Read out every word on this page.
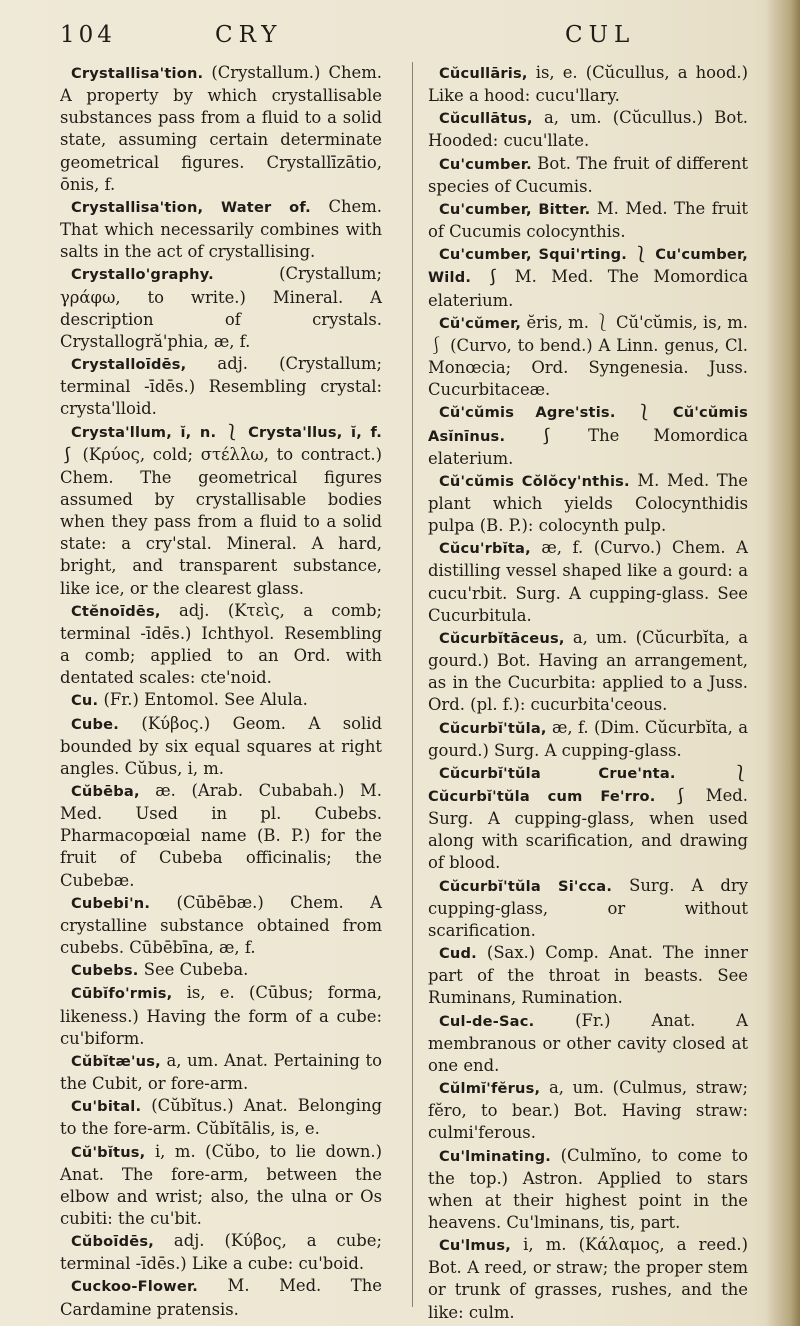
104	CRY	CUL

Crystallisa'tion. (Crystallum.) Chem. A property by which crystallisable substances pass from a fluid to a solid state, assuming certain determinate geometrical figures. Crystallīzātio, ōnis, f.

Crystallisa'tion, Water of. Chem. That which necessarily combines with salts in the act of crystallising.

Crystallo'graphy. (Crystallum; γράφω, to write.) Mineral. A description of crystals. Crystallogră'phia, æ, f.

Crystalloīdēs, adj. (Crystallum; terminal -īdēs.) Resembling crystal: crysta'lloid.

Crysta'llum, ĭ, n. ⎱ Crysta'llus, ĭ, f. ⎰ (Κρύος, cold; στέλλω, to contract.) Chem. The geometrical figures assumed by crystallisable bodies when they pass from a fluid to a solid state: a cry'stal. Mineral. A hard, bright, and transparent substance, like ice, or the clearest glass.

Ctĕnoīdēs, adj. (Κτεὶς, a comb; terminal -īdēs.) Ichthyol. Resembling a comb; applied to an Ord. with dentated scales: cte'noid.

Cu. (Fr.) Entomol. See Alula.

Cube. (Κύβος.) Geom. A solid bounded by six equal squares at right angles. Cŭbus, i, m.

Cŭbēba, æ. (Arab. Cubabah.) M. Med. Used in pl. Cubebs. Pharmacopœial name (B. P.) for the fruit of Cubeba officinalis; the Cubebæ.

Cubebi'n. (Cūbēbæ.) Chem. A crystalline substance obtained from cubebs. Cūbēbīna, æ, f.

Cubebs. See Cubeba.

Cūbĭfo'rmis, is, e. (Cūbus; forma, likeness.) Having the form of a cube: cu'biform.

Cŭbĭtæ'us, a, um. Anat. Pertaining to the Cubit, or fore-arm.

Cu'bital. (Cŭbĭtus.) Anat. Belonging to the fore-arm. Cŭbĭtālis, is, e.

Cŭ'bĭtus, i, m. (Cŭbo, to lie down.) Anat. The fore-arm, between the elbow and wrist; also, the ulna or Os cubiti: the cu'bit.

Cŭboīdēs, adj. (Κύβος, a cube; terminal -īdēs.) Like a cube: cu'boid.

Cuckoo-Flower. M. Med. The Cardamine pratensis.

Cŭcullāris, is, e. (Cŭcullus, a hood.) Like a hood: cucu'llary.

Cŭcullātus, a, um. (Cŭcullus.) Bot. Hooded: cucu'llate.

Cu'cumber. Bot. The fruit of different species of Cucumis.

Cu'cumber, Bitter. M. Med. The fruit of Cucumis colocynthis.

Cu'cumber, Squi'rting. ⎱ Cu'cumber, Wild. ⎰ M. Med. The Momordica elaterium.

Cŭ'cŭmer, ĕris, m. ⎱ Cŭ'cŭmis, is, m. ⎰ (Curvo, to bend.) A Linn. genus, Cl. Monœcia; Ord. Syngenesia. Juss. Cucurbitaceæ.

Cŭ'cŭmis Agre'stis. ⎱ Cŭ'cŭmis Asĭnīnus. ⎰ The Momordica elaterium.

Cŭ'cŭmis Cŏlŏcy'nthis. M. Med. The plant which yields Colocynthidis pulpa (B. P.): colocynth pulp.

Cŭcu'rbĭta, æ, f. (Curvo.) Chem. A distilling vessel shaped like a gourd: a cucu'rbit. Surg. A cupping-glass. See Cucurbitula.

Cŭcurbĭtāceus, a, um. (Cŭcurbĭta, a gourd.) Bot. Having an arrangement, as in the Cucurbita: applied to a Juss. Ord. (pl. f.): cucurbita'ceous.

Cŭcurbĭ'tŭla, æ, f. (Dim. Cŭcurbĭta, a gourd.) Surg. A cupping-glass.

Cŭcurbĭ'tŭla Crue'nta. ⎱ Cŭcurbĭ'tŭla cum Fe'rro. ⎰ Med. Surg. A cupping-glass, when used along with scarification, and drawing of blood.

Cŭcurbĭ'tŭla Si'cca. Surg. A dry cupping-glass, or without scarification.

Cud. (Sax.) Comp. Anat. The inner part of the throat in beasts. See Ruminans, Rumination.

Cul-de-Sac. (Fr.) Anat. A membranous or other cavity closed at one end.

Cŭlmĭ'fĕrus, a, um. (Culmus, straw; fĕro, to bear.) Bot. Having straw: culmi'ferous.

Cu'lminating. (Culmĭno, to come to the top.) Astron. Applied to stars when at their highest point in the heavens. Cu'lminans, tis, part.

Cu'lmus, i, m. (Κάλαμος, a reed.) Bot. A reed, or straw; the proper stem or trunk of grasses, rushes, and the like: culm.
